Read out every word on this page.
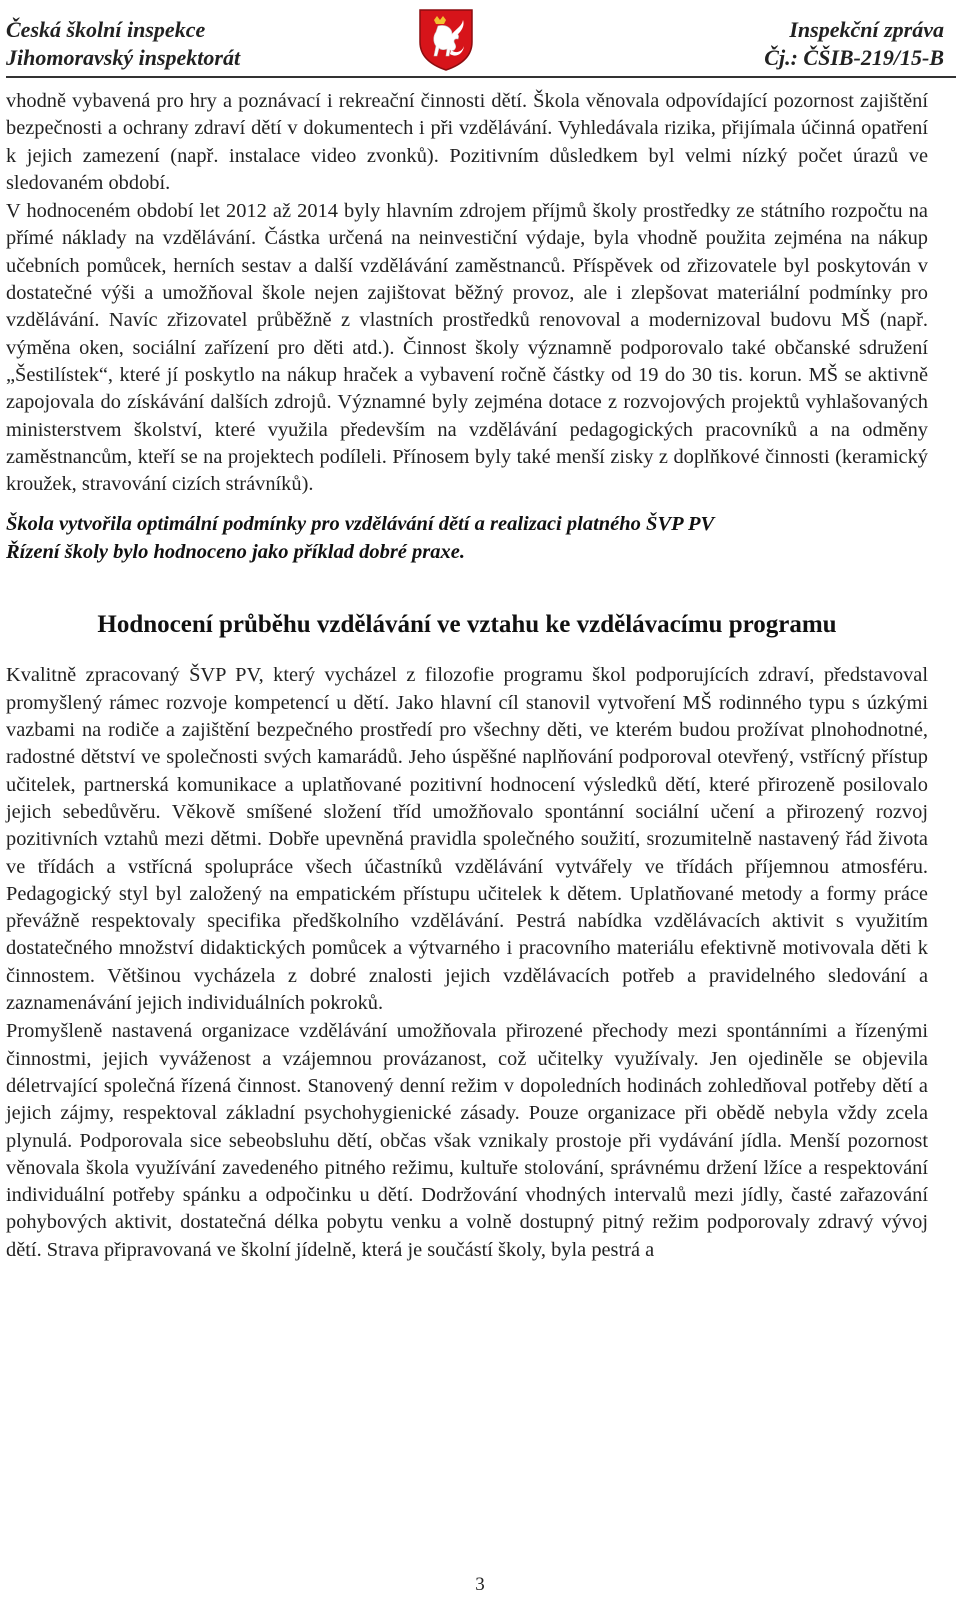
Česká školní inspekce
Jihomoravský inspektorát
Inspekční zpráva
Čj.: ČŠIB-219/15-B

vhodně vybavená pro hry a poznávací i rekreační činnosti dětí. Škola věnovala odpovídající pozornost zajištění bezpečnosti a ochrany zdraví dětí v dokumentech i při vzdělávání. Vyhledávala rizika, přijímala účinná opatření k jejich zamezení (např. instalace video zvonků). Pozitivním důsledkem byl velmi nízký počet úrazů ve sledovaném období.

V hodnoceném období let 2012 až 2014 byly hlavním zdrojem příjmů školy prostředky ze státního rozpočtu na přímé náklady na vzdělávání. Částka určená na neinvestiční výdaje, byla vhodně použita zejména na nákup učebních pomůcek, herních sestav a další vzdělávání zaměstnanců. Příspěvek od zřizovatele byl poskytován v dostatečné výši a umožňoval škole nejen zajištovat běžný provoz, ale i zlepšovat materiální podmínky pro vzdělávání. Navíc zřizovatel průběžně z vlastních prostředků renovoval a modernizoval budovu MŠ (např. výměna oken, sociální zařízení pro děti atd.). Činnost školy významně podporovalo také občanské sdružení „Šestilístek“, které jí poskytlo na nákup hraček a vybavení ročně částky od 19 do 30 tis. korun. MŠ se aktivně zapojovala do získávání dalších zdrojů. Významné byly zejména dotace z rozvojových projektů vyhlašovaných ministerstvem školství, které využila především na vzdělávání pedagogických pracovníků a na odměny zaměstnancům, kteří se na projektech podíleli. Přínosem byly také menší zisky z doplňkové činnosti (keramický kroužek, stravování cizích strávníků).

Škola vytvořila optimální podmínky pro vzdělávání dětí a realizaci platného ŠVP PV
Řízení školy bylo hodnoceno jako příklad dobré praxe.
Hodnocení průběhu vzdělávání ve vztahu ke vzdělávacímu programu

Kvalitně zpracovaný ŠVP PV, který vycházel z filozofie programu škol podporujících zdraví, představoval promyšlený rámec rozvoje kompetencí u dětí. Jako hlavní cíl stanovil vytvoření MŠ rodinného typu s úzkými vazbami na rodiče a zajištění bezpečného prostředí pro všechny děti, ve kterém budou prožívat plnohodnotné, radostné dětství ve společnosti svých kamarádů. Jeho úspěšné naplňování podporoval otevřený, vstřícný přístup učitelek, partnerská komunikace a uplatňované pozitivní hodnocení výsledků dětí, které přirozeně posilovalo jejich sebedůvěru. Věkově smíšené složení tříd umožňovalo spontánní sociální učení a přirozený rozvoj pozitivních vztahů mezi dětmi. Dobře upevněná pravidla společného soužití, srozumitelně nastavený řád života ve třídách a vstřícná spolupráce všech účastníků vzdělávání vytvářely ve třídách příjemnou atmosféru. Pedagogický styl byl založený na empatickém přístupu učitelek k dětem. Uplatňované metody a formy práce převážně respektovaly specifika předškolního vzdělávání. Pestrá nabídka vzdělávacích aktivit s využitím dostatečného množství didaktických pomůcek a výtvarného i pracovního materiálu efektivně motivovala děti k činnostem. Většinou vycházela z dobré znalosti jejich vzdělávacích potřeb a pravidelného sledování a zaznamenávání jejich individuálních pokroků.

Promyšleně nastavená organizace vzdělávání umožňovala přirozené přechody mezi spontánními a řízenými činnostmi, jejich vyváženost a vzájemnou provázanost, což učitelky využívaly. Jen ojediněle se objevila déletrvající společná řízená činnost. Stanovený denní režim v dopoledních hodinách zohledňoval potřeby dětí a jejich zájmy, respektoval základní psychohygienické zásady. Pouze organizace při obědě nebyla vždy zcela plynulá. Podporovala sice sebeobsluhu dětí, občas však vznikaly prostoje při vydávání jídla. Menší pozornost věnovala škola využívání zavedeného pitného režimu, kultuře stolování, správnému držení lžíce a respektování individuální potřeby spánku a odpočinku u dětí. Dodržování vhodných intervalů mezi jídly, časté zařazování pohybových aktivit, dostatečná délka pobytu venku a volně dostupný pitný režim podporovaly zdravý vývoj dětí. Strava připravovaná ve školní jídelně, která je součástí školy, byla pestrá a

3
